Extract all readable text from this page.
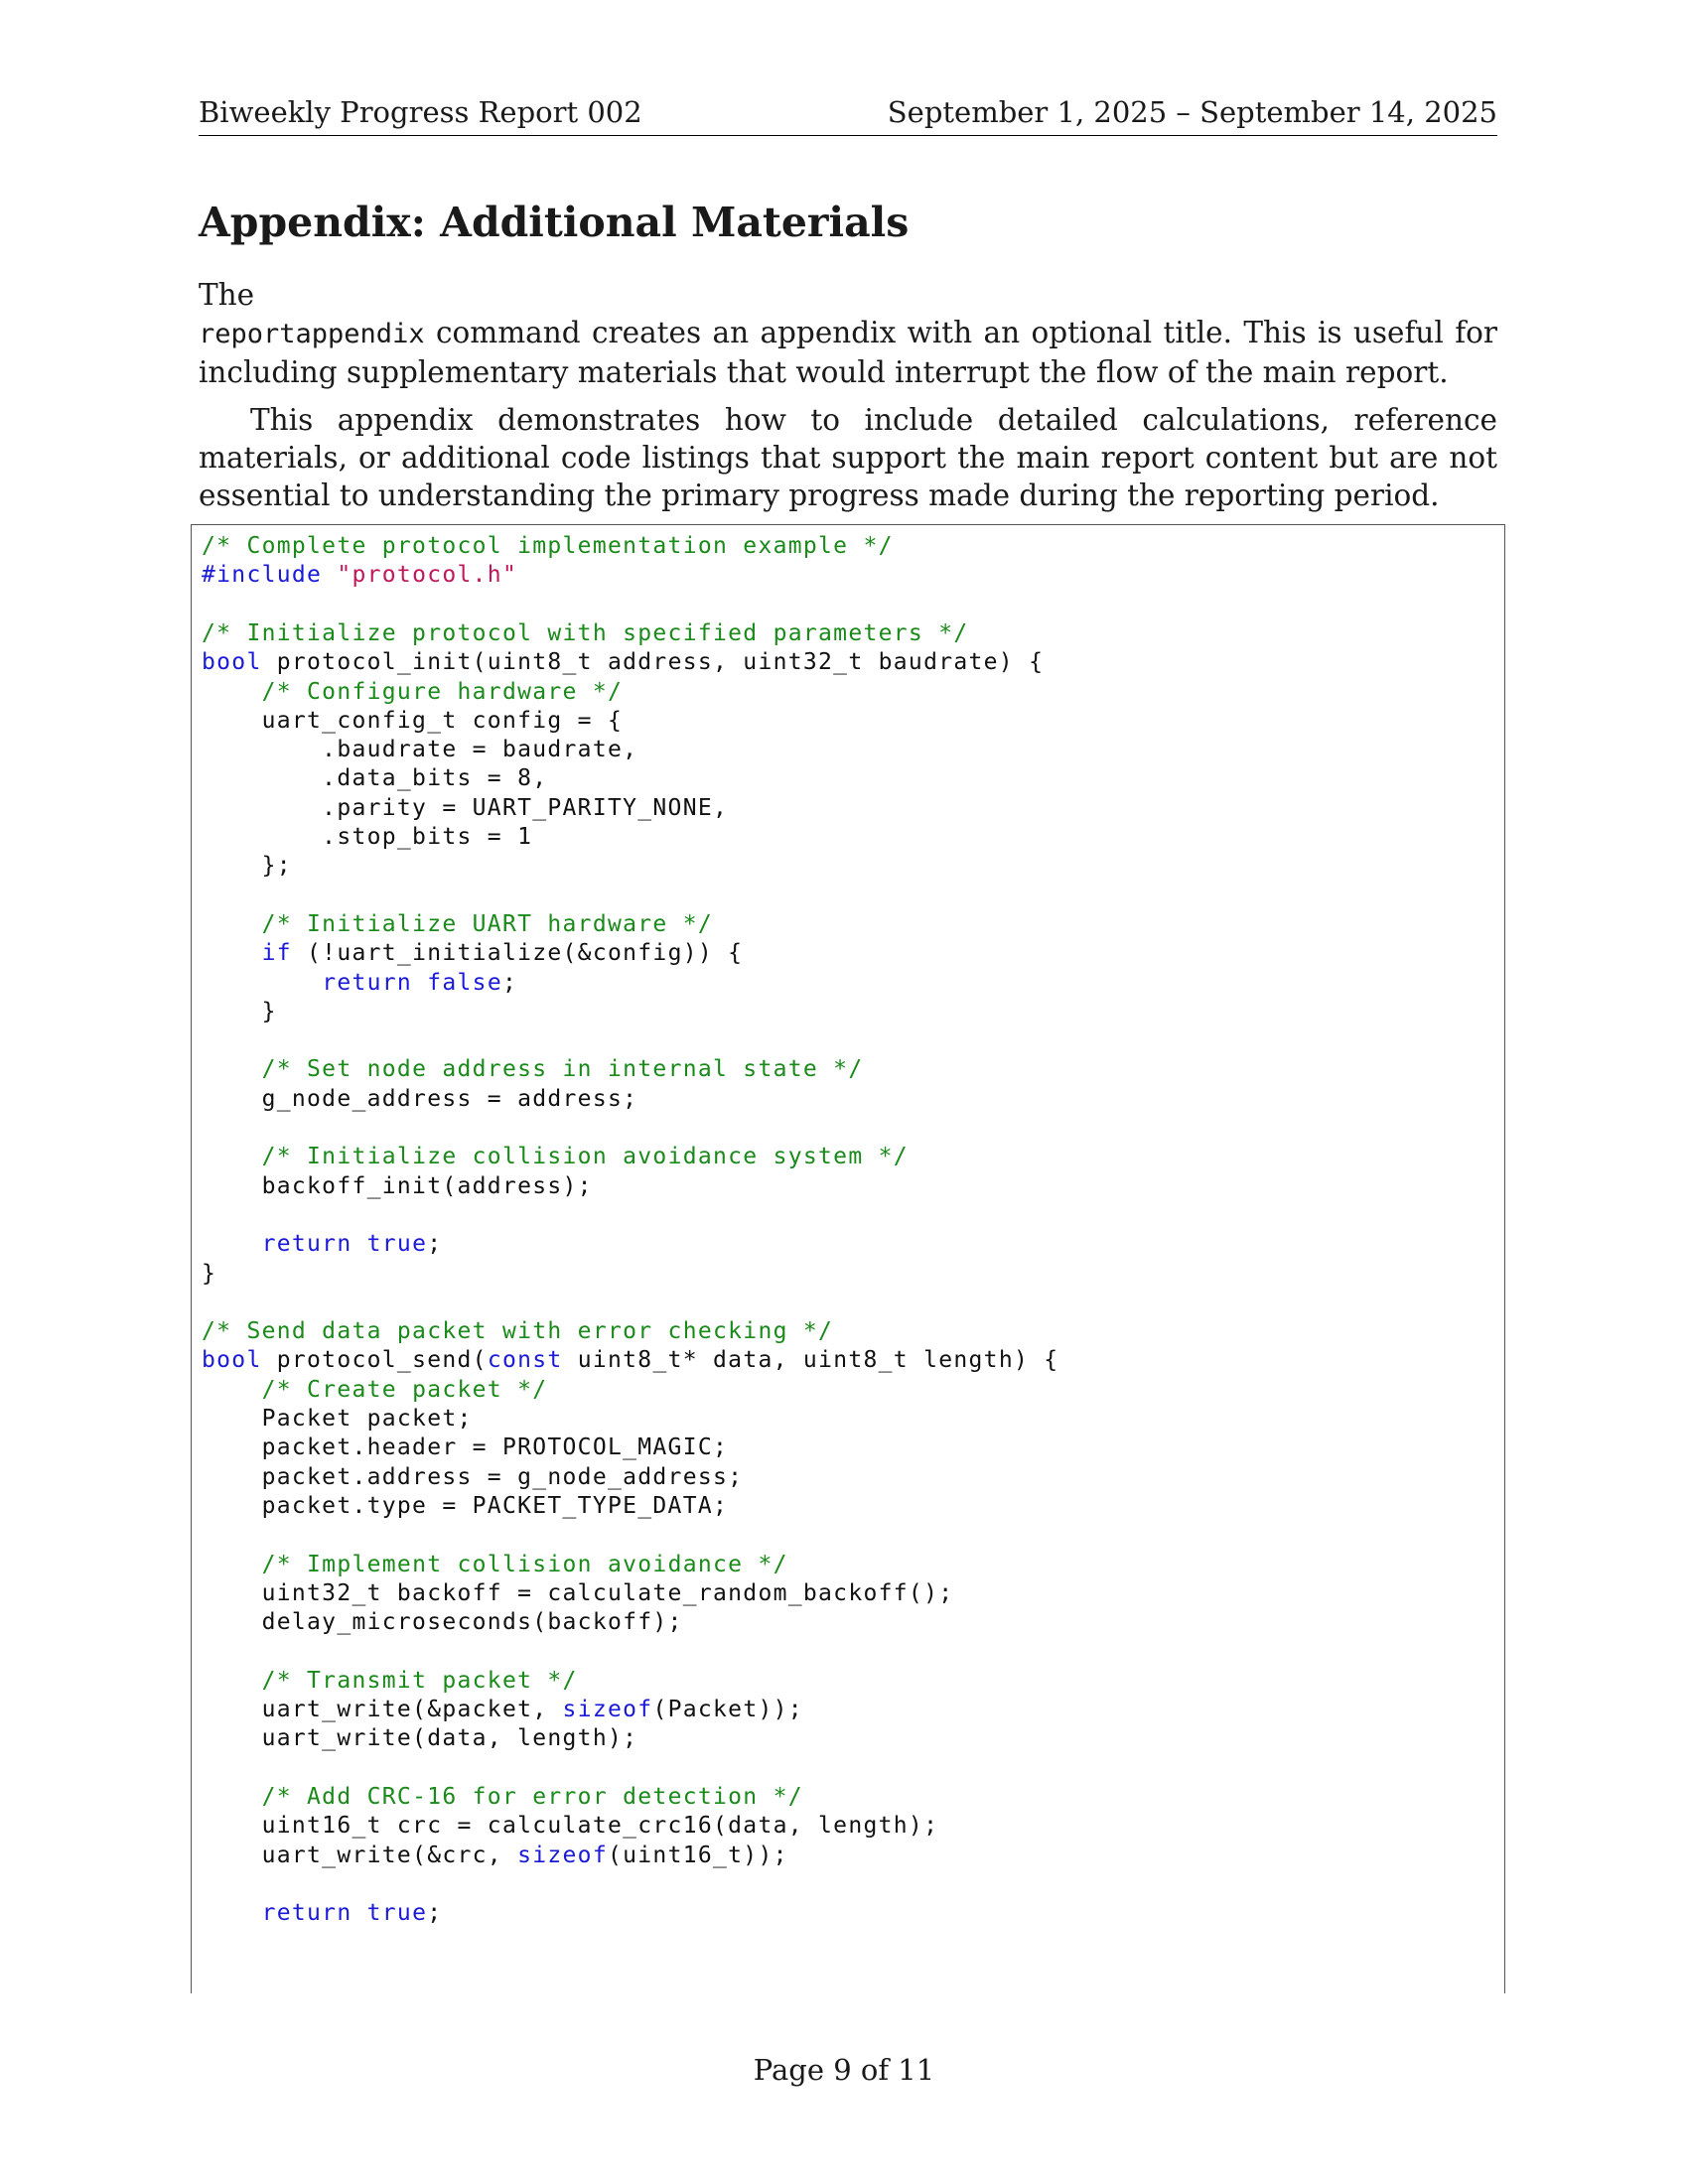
Biweekly Progress Report 002	September 1, 2025 – September 14, 2025
Appendix: Additional Materials
The
reportappendix command creates an appendix with an optional title. This is useful for including supplementary materials that would interrupt the flow of the main report.
This appendix demonstrates how to include detailed calculations, reference materials, or additional code listings that support the main report content but are not essential to understanding the primary progress made during the reporting period.
/* Complete protocol implementation example */
#include "protocol.h"
/* Initialize protocol with specified parameters */
bool protocol_init(uint8_t address, uint32_t baudrate) {
/* Configure hardware */
uart_config_t config = {
.baudrate = baudrate,
.data_bits = 8,
.parity = UART_PARITY_NONE,
.stop_bits = 1
};
/* Initialize UART hardware */
if (!uart_initialize(&config)) {
return false;
}
/* Set node address in internal state */
g_node_address = address;
/* Initialize collision avoidance system */
backoff_init(address);
return true;
}
/* Send data packet with error checking */
bool protocol_send(const uint8_t* data, uint8_t length) {
/* Create packet */
Packet packet;
packet.header = PROTOCOL_MAGIC;
packet.address = g_node_address;
packet.type = PACKET_TYPE_DATA;
/* Implement collision avoidance */
uint32_t backoff = calculate_random_backoff();
delay_microseconds(backoff);
/* Transmit packet */
uart_write(&packet, sizeof(Packet));
uart_write(data, length);
/* Add CRC-16 for error detection */
uint16_t crc = calculate_crc16(data, length);
uart_write(&crc, sizeof(uint16_t));
return true;
Page 9 of 11
